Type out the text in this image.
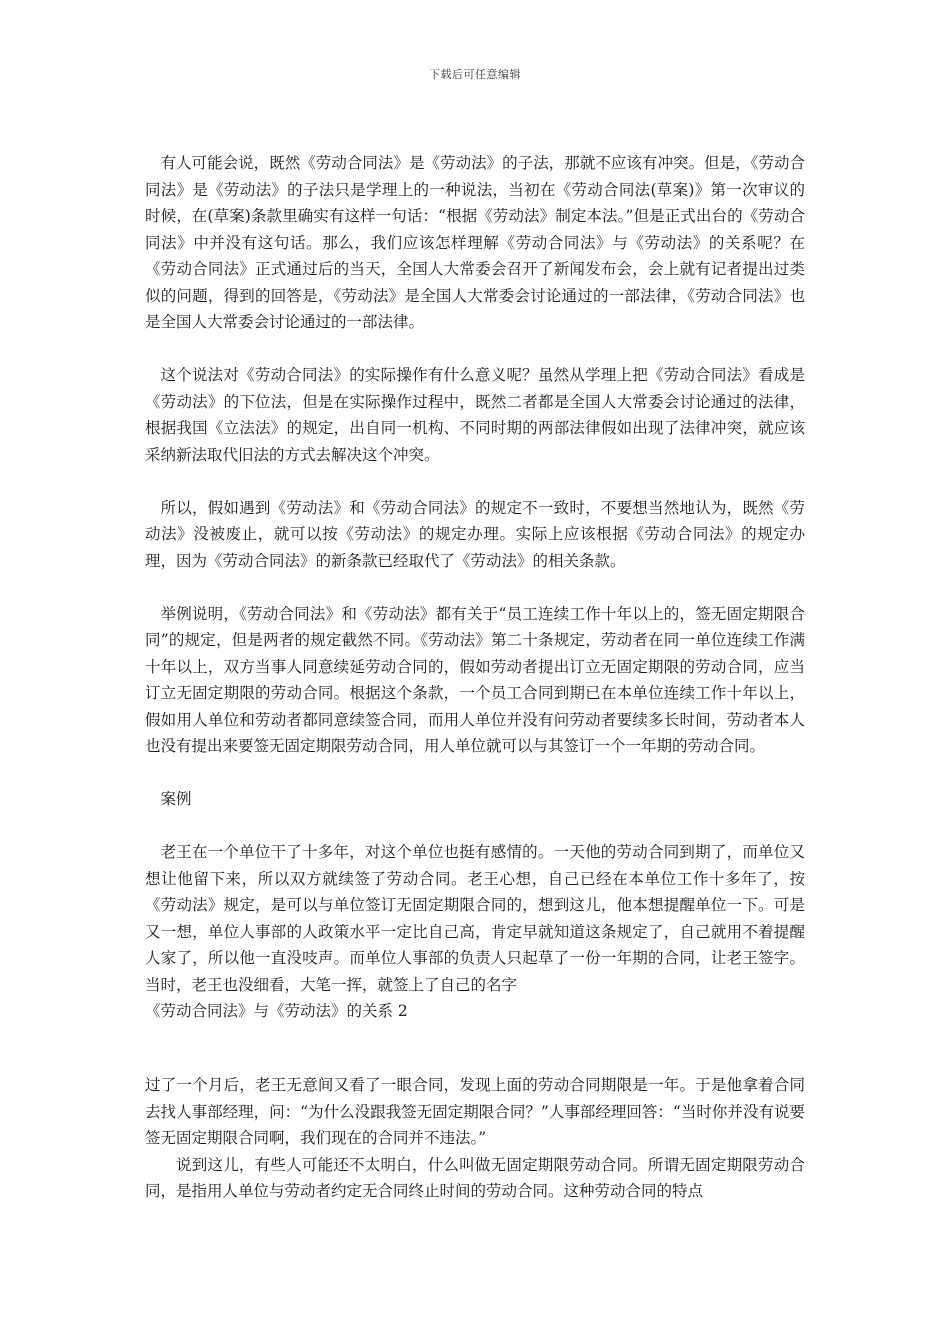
下载后可任意编辑

有人可能会说，既然《劳动合同法》是《劳动法》的子法，那就不应该有冲突。但是，《劳动合同法》是《劳动法》的子法只是学理上的一种说法，当初在《劳动合同法(草案)》第一次审议的时候，在(草案)条款里确实有这样一句话：“根据《劳动法》制定本法。”但是正式出台的《劳动合同法》中并没有这句话。那么，我们应该怎样理解《劳动合同法》与《劳动法》的关系呢？在《劳动合同法》正式通过后的当天，全国人大常委会召开了新闻发布会，会上就有记者提出过类似的问题，得到的回答是，《劳动法》是全国人大常委会讨论通过的一部法律，《劳动合同法》也是全国人大常委会讨论通过的一部法律。

这个说法对《劳动合同法》的实际操作有什么意义呢？虽然从学理上把《劳动合同法》看成是《劳动法》的下位法，但是在实际操作过程中，既然二者都是全国人大常委会讨论通过的法律，根据我国《立法法》的规定，出自同一机构、不同时期的两部法律假如出现了法律冲突，就应该采纳新法取代旧法的方式去解决这个冲突。

所以，假如遇到《劳动法》和《劳动合同法》的规定不一致时，不要想当然地认为，既然《劳动法》没被废止，就可以按《劳动法》的规定办理。实际上应该根据《劳动合同法》的规定办理，因为《劳动合同法》的新条款已经取代了《劳动法》的相关条款。

举例说明，《劳动合同法》和《劳动法》都有关于“员工连续工作十年以上的，签无固定期限合同”的规定，但是两者的规定截然不同。《劳动法》第二十条规定，劳动者在同一单位连续工作满十年以上，双方当事人同意续延劳动合同的，假如劳动者提出订立无固定期限的劳动合同，应当订立无固定期限的劳动合同。根据这个条款，一个员工合同到期已在本单位连续工作十年以上，假如用人单位和劳动者都同意续签合同，而用人单位并没有问劳动者要续多长时间，劳动者本人也没有提出来要签无固定期限劳动合同，用人单位就可以与其签订一个一年期的劳动合同。

案例

老王在一个单位干了十多年，对这个单位也挺有感情的。一天他的劳动合同到期了，而单位又想让他留下来，所以双方就续签了劳动合同。老王心想，自己已经在本单位工作十多年了，按《劳动法》规定，是可以与单位签订无固定期限合同的，想到这儿，他本想提醒单位一下。可是又一想，单位人事部的人政策水平一定比自己高，肯定早就知道这条规定了，自己就用不着提醒人家了，所以他一直没吱声。而单位人事部的负责人只起草了一份一年期的合同，让老王签字。当时，老王也没细看，大笔一挥，就签上了自己的名字

《劳动合同法》与《劳动法》的关系 2

过了一个月后，老王无意间又看了一眼合同，发现上面的劳动合同期限是一年。于是他拿着合同去找人事部经理，问：“为什么没跟我签无固定期限合同？”人事部经理回答：“当时你并没有说要签无固定期限合同啊，我们现在的合同并不违法。”

说到这儿，有些人可能还不太明白，什么叫做无固定期限劳动合同。所谓无固定期限劳动合同，是指用人单位与劳动者约定无合同终止时间的劳动合同。这种劳动合同的特点
